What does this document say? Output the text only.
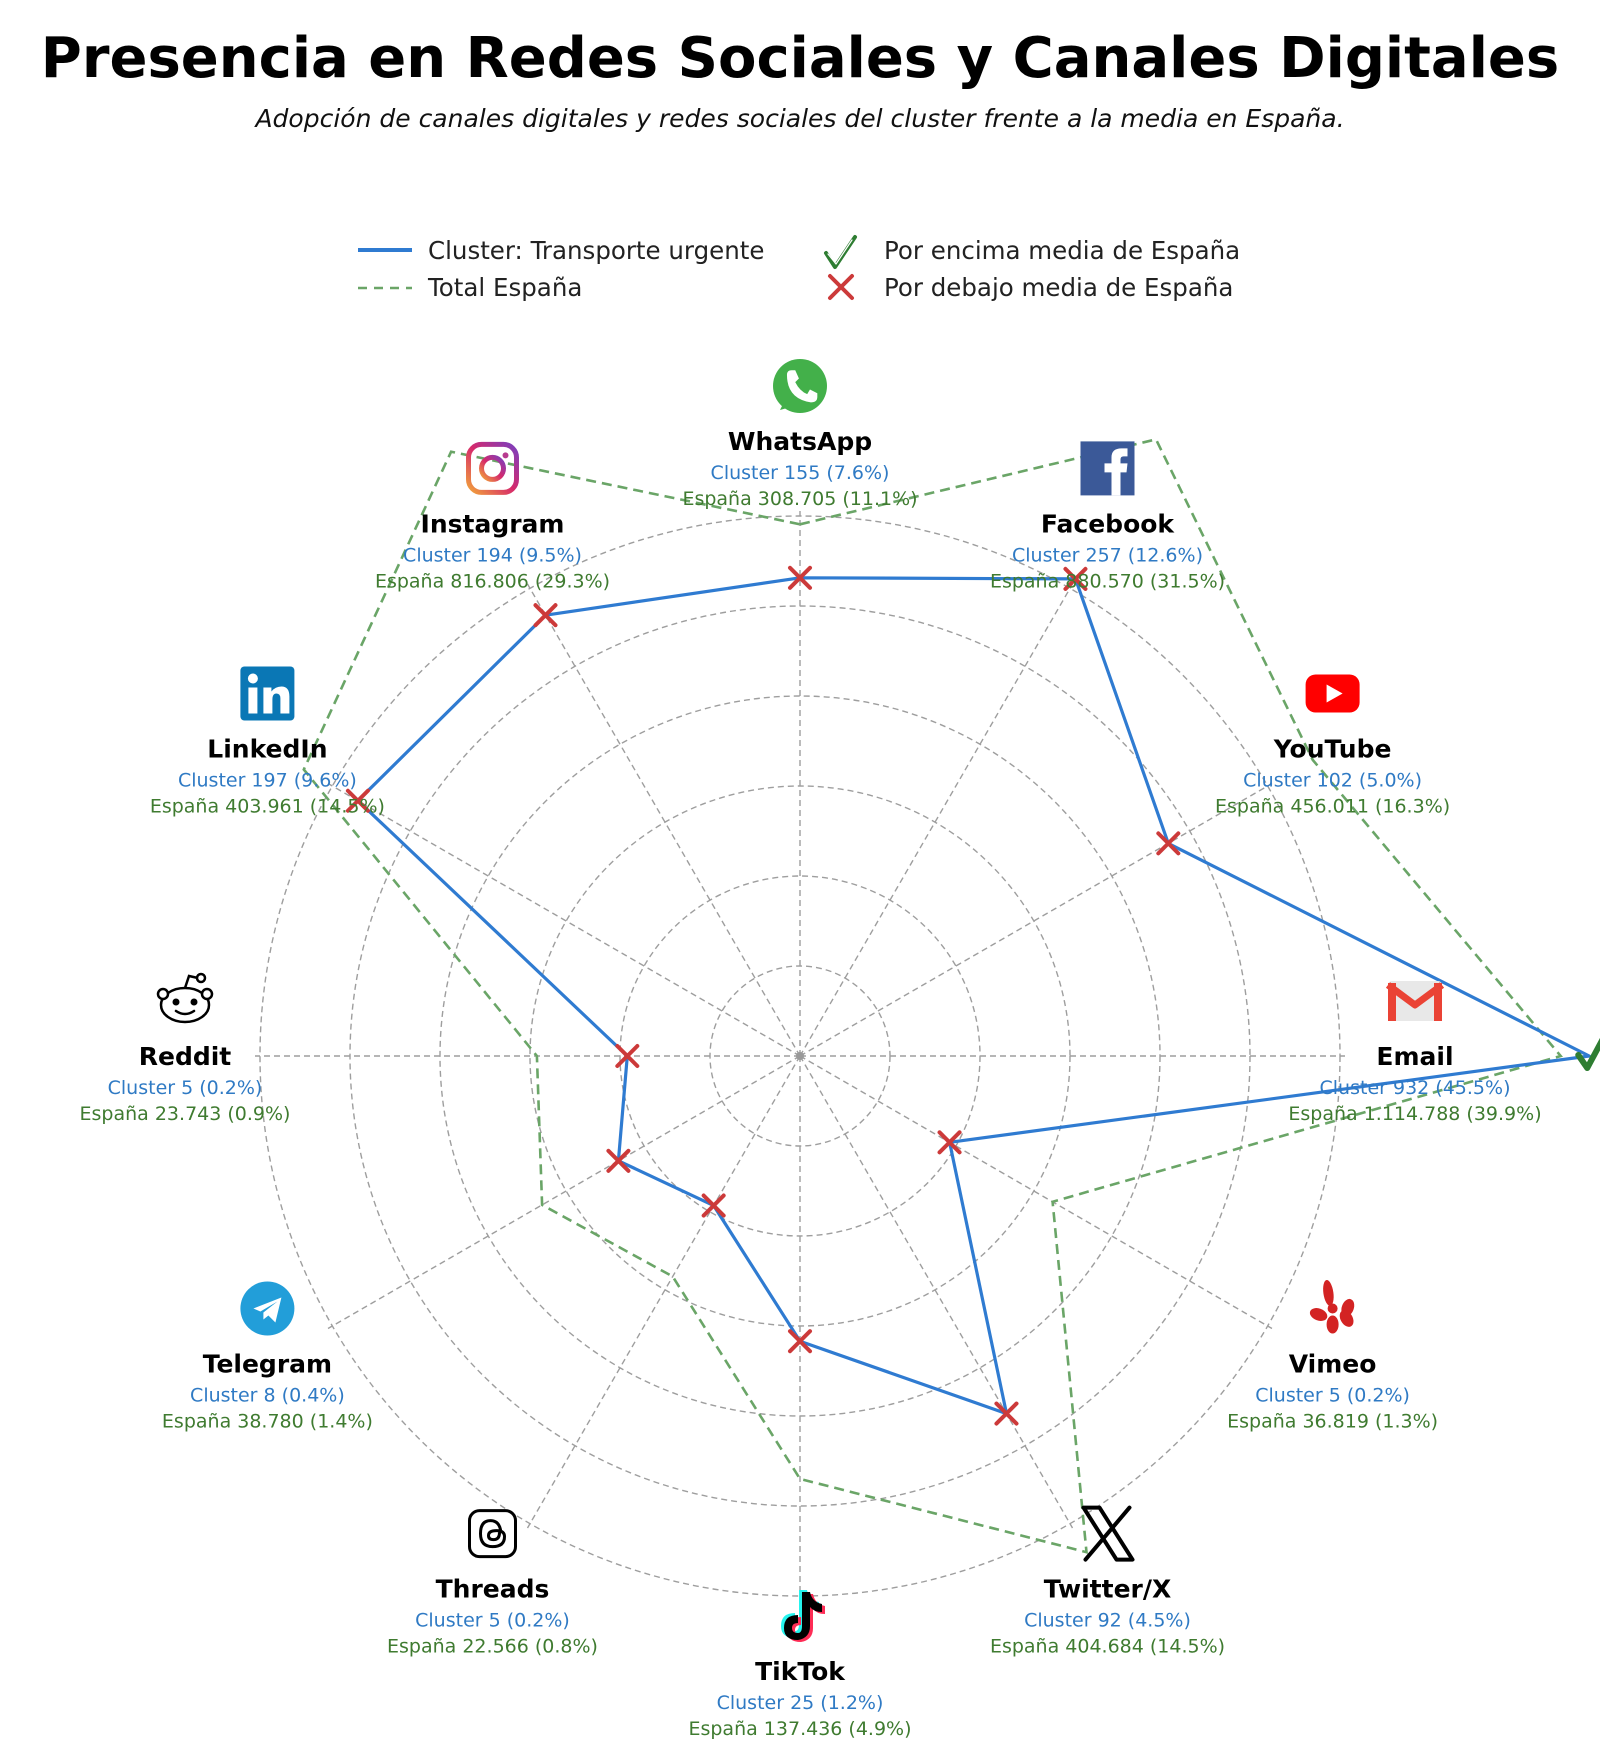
Presencia en Redes Sociales y Canales Digitales
Adopción de canales digitales y redes sociales del cluster frente a la media en España.
Cluster: Transporte urgente
Total España
Por encima media de España
Por debajo media de España
WhatsApp
Cluster 155 (7.6%)
España 308.705 (11.1%)
Facebook
Cluster 257 (12.6%)
España 880.570 (31.5%)
YouTube
Cluster 102 (5.0%)
España 456.011 (16.3%)
Email
Cluster 932 (45.5%)
España 1.114.788 (39.9%)
Vimeo
Cluster 5 (0.2%)
España 36.819 (1.3%)
Twitter/X
Cluster 92 (4.5%)
España 404.684 (14.5%)
TikTok
Cluster 25 (1.2%)
España 137.436 (4.9%)
Threads
Cluster 5 (0.2%)
España 22.566 (0.8%)
Telegram
Cluster 8 (0.4%)
España 38.780 (1.4%)
Reddit
Cluster 5 (0.2%)
España 23.743 (0.9%)
LinkedIn
Cluster 197 (9.6%)
España 403.961 (14.5%)
Instagram
Cluster 194 (9.5%)
España 816.806 (29.3%)
